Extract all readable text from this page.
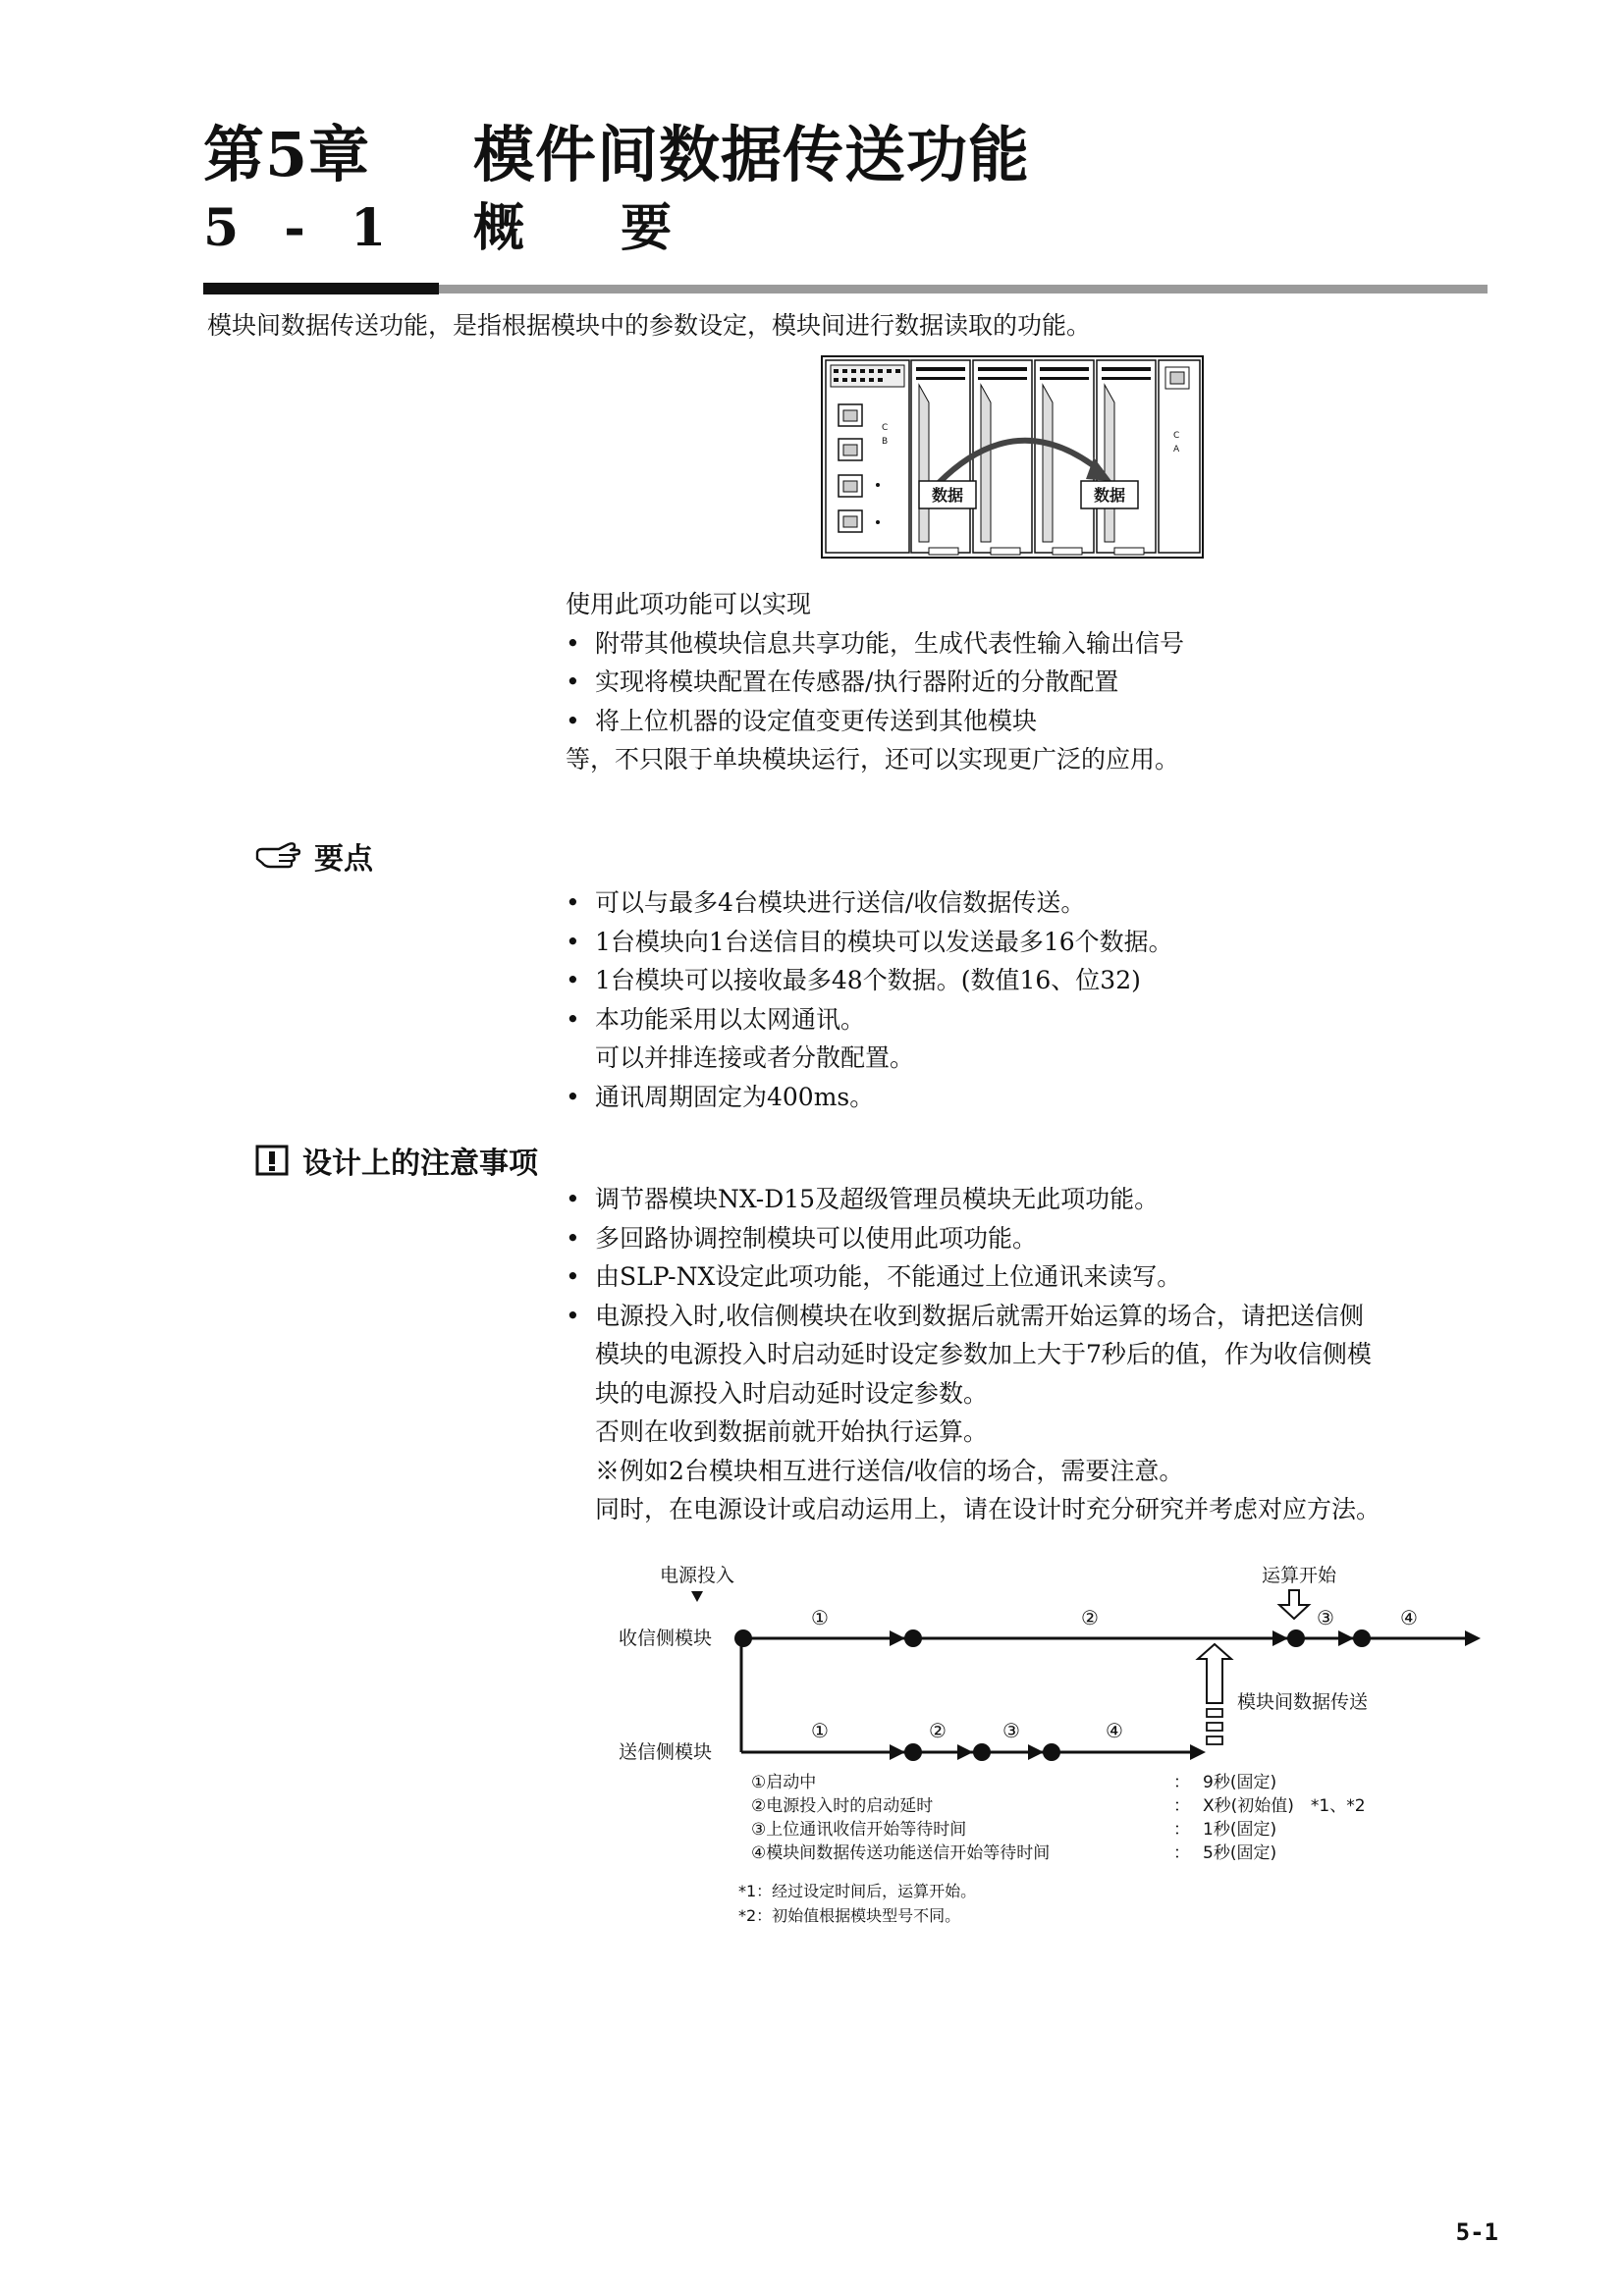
第5章 模件间数据传送功能
5 - 1 概 要
模块间数据传送功能，是指根据模块中的参数设定，模块间进行数据读取的功能。
C
B
C
A
数据	数据
使用此项功能可以实现
• 附带其他模块信息共享功能，生成代表性输入输出信号
• 实现将模块配置在传感器/执行器附近的分散配置
• 将上位机器的设定值变更传送到其他模块
等，不只限于单块模块运行，还可以实现更广泛的应用。
要点
• 可以与最多4台模块进行送信/收信数据传送。
• 1台模块向1台送信目的模块可以发送最多16个数据。
• 1台模块可以接收最多48个数据。(数值16、位32)
• 本功能采用以太网通讯。
可以并排连接或者分散配置。
• 通讯周期固定为400ms。
设计上的注意事项
• 调节器模块NX-D15及超级管理员模块无此项功能。
• 多回路协调控制模块可以使用此项功能。
• 由SLP-NX设定此项功能，不能通过上位通讯来读写。
• 电源投入时,收信侧模块在收到数据后就需开始运算的场合，请把送信侧
模块的电源投入时启动延时设定参数加上大于7秒后的值，作为收信侧模
块的电源投入时启动延时设定参数。
否则在收到数据前就开始执行运算。
※例如2台模块相互进行送信/收信的场合，需要注意。
同时，在电源设计或启动运用上，请在设计时充分研究并考虑对应方法。
电源投入	运算开始
收信侧模块
①	②	③	④
模块间数据传送
送信侧模块
①	②	③	④
①启动中	： 9秒(固定)
②电源投入时的启动延时	： X秒(初始值)　*1、*2
③上位通讯收信开始等待时间	： 1秒(固定)
④模块间数据传送功能送信开始等待时间	： 5秒(固定)
*1：经过设定时间后，运算开始。
*2：初始值根据模块型号不同。
5-1
